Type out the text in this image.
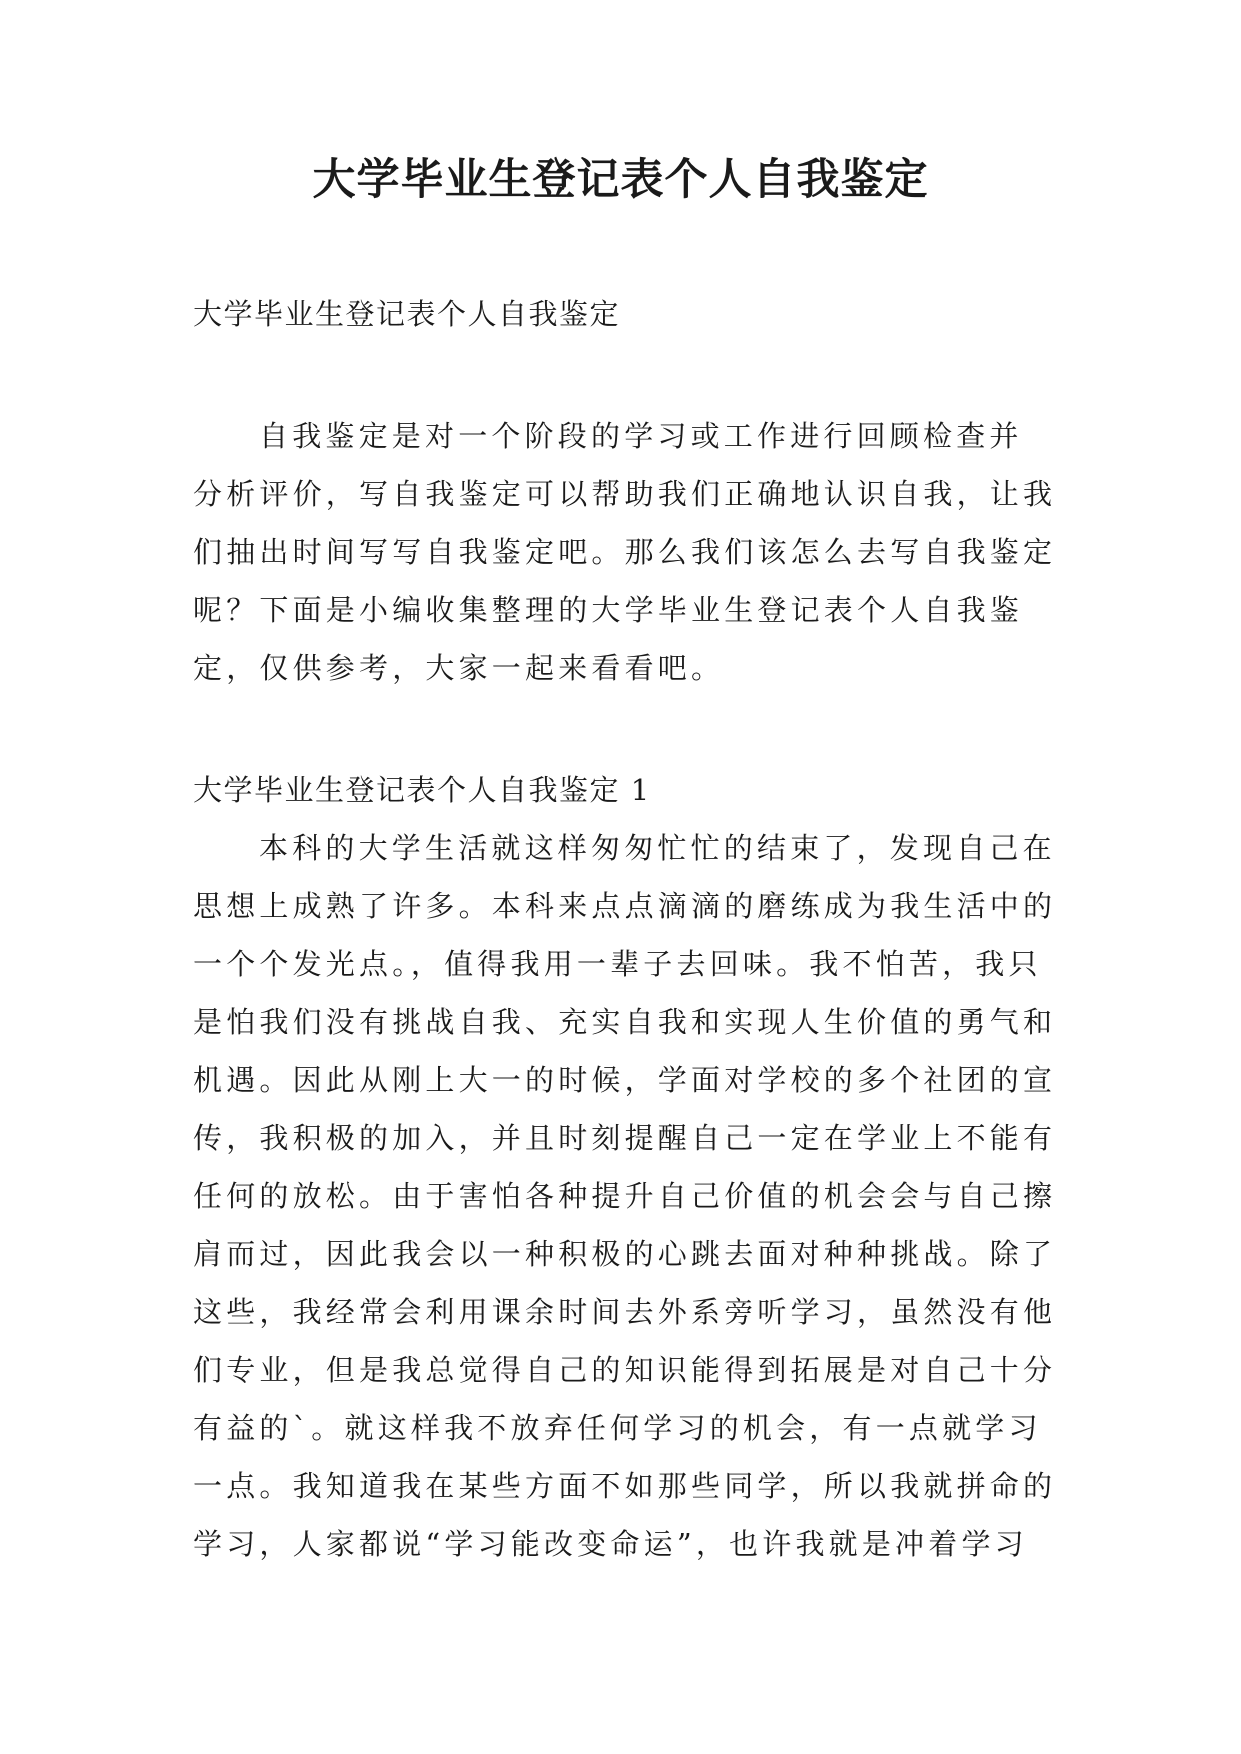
大学毕业生登记表个人自我鉴定

大学毕业生登记表个人自我鉴定

自我鉴定是对一个阶段的学习或工作进行回顾检查并

分析评价，写自我鉴定可以帮助我们正确地认识自我，让我

们抽出时间写写自我鉴定吧。那么我们该怎么去写自我鉴定

呢？下面是小编收集整理的大学毕业生登记表个人自我鉴

定，仅供参考，大家一起来看看吧。

大学毕业生登记表个人自我鉴定 1

本科的大学生活就这样匆匆忙忙的结束了，发现自己在

思想上成熟了许多。本科来点点滴滴的磨练成为我生活中的

一个个发光点。，值得我用一辈子去回味。我不怕苦，我只

是怕我们没有挑战自我、充实自我和实现人生价值的勇气和

机遇。因此从刚上大一的时候，学面对学校的多个社团的宣

传，我积极的加入，并且时刻提醒自己一定在学业上不能有

任何的放松。由于害怕各种提升自己价值的机会会与自己擦

肩而过，因此我会以一种积极的心跳去面对种种挑战。除了

这些，我经常会利用课余时间去外系旁听学习，虽然没有他

们专业，但是我总觉得自己的知识能得到拓展是对自己十分

有益的`。就这样我不放弃任何学习的机会，有一点就学习

一点。我知道我在某些方面不如那些同学，所以我就拼命的

学习，人家都说“学习能改变命运”，也许我就是冲着学习
